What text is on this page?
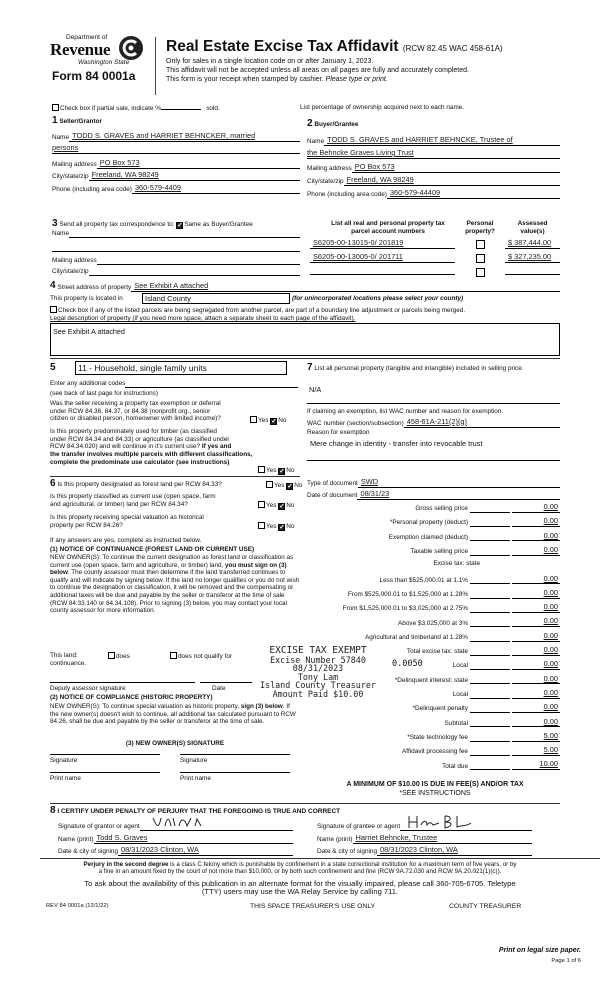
Department of
Revenue
Washington State
Form 84 0001a
Real Estate Excise Tax Affidavit (RCW 82.45 WAC 458-61A)
Only for sales in a single location code on or after January 1, 2023.
This affidavit will not be accepted unless all areas on all pages are fully and accurately completed.
This form is your receipt when stamped by cashier. Please type or print.
Check box if partial sale, indicate %	sold.	List percentage of ownership acquired next to each name.
1 Seller/Grantor
Name TODD S. GRAVES and HARRIET BEHNCKER, married
persons
Mailing address PO Box 573
City/state/zip Freeland, WA 98249
Phone (including area code) 360-579-4409
2 Buyer/Grantee
Name TODD S. GRAVES and HARRIET BEHNCKE, Trustee of
the Behncke Graves Living Trust
Mailing address PO Box 573
City/state/zip Freeland, WA 98249
Phone (including area code) 360-579-44409
3 Send all property tax correspondence to: ✓ Same as Buyer/Grantee
Name
Mailing address
City/state/zip
List all real and personal property tax
parcel account numbers
Personal
property?
Assessed
value(s)
S6205-00-13015-0/ 201819	$ 387,444.00
S6205-00-13005-0/ 201711	$ 327,235.00
4
Street address of property See Exhibit A attached
This property is located in	Island County	(for unincorporated locations please select your county)
Check box if any of the listed parcels are being segregated from another parcel, are part of a boundary line adjustment or parcels being merged.
Legal description of property (if you need more space, attach a separate sheet to each page of the affidavit).
See Exhibit A attached
5	11 - Household, single family units
Enter any additional codes
(see back of last page for instructions)
Was the seller receiving a property tax exemption or deferral
under RCW 84.36, 84.37, or 84.38 (nonprofit org., senior
citizen or disabled person, homeowner with limited income)?	Yes ✓ No
Is this property predominately used for timber (as classified
under RCW 84.34 and 84.33) or agriculture (as classified under
RCW 84.34.020) and will continue in it's current use? If yes and
the transfer involves multiple parcels with different classifications,
complete the predominate use calculator (see instructions)
Yes ✓ No
6 Is this property designated as forest land per RCW 84.33?	Yes ✓ No
Is this property classified as current use (open space, farm
and agricultural, or timber) land per RCW 84.34?	Yes ✓ No
Is this property receiving special valuation as historical
property per RCW 84.26?	Yes ✓ No
If any answers are yes, complete as instructed below.
(1) NOTICE OF CONTINUANCE (FOREST LAND OR CURRENT USE)
NEW OWNER(S): To continue the current designation as forest land or classification as current use (open space, farm and agriculture, or timber) land, you must sign on (3) below. The county assessor must then determine if the land transferred continues to qualify and will indicate by signing below. If the land no longer qualifies or you do not wish to continue the designation or classification, it will be removed and the compensating or additional taxes will be due and payable by the seller or transferor at the time of sale (RCW 84.33.140 or 84.34.108). Prior to signing (3) below, you may contact your local county assessor for more information.
This land:
continuance.
does	does not qualify for
Deputy assessor signature	Date
(2) NOTICE OF COMPLIANCE (HISTORIC PROPERTY)
NEW OWNER(S): To continue special valuation as historic property, sign (3) below. If the new owner(s) doesn't wish to continue, all additional tax calculated pursuant to RCW 84.26, shall be due and payable by the seller or transferor at the time of sale.
(3) NEW OWNER(S) SIGNATURE
Signature	Signature
Print name	Print name
7 List all personal property (tangible and intangible) included in selling price.
N/A
If claiming an exemption, list WAC number and reason for exemption.
WAC number (section/subsection) 458-61A-211(2)(g)
Reason for exemption
Mere change in identity - transfer into revocable trust
Type of document SWD
Date of document 08/31/23
Gross selling price	0.00
*Personal property (deduct)	0.00
Exemption claimed (deduct)	0.00
Taxable selling price	0.00
Excise tax: state
Less than $525,000.01 at 1.1%	0.00
From $525,000.01 to $1,525,000 at 1.28%	0.00
From $1,525,000.01 to $3,025,000 at 2.75%	0.00
Above $3,025,000 at 3%	0.00
Agricultural and timberland at 1.28%	0.00
Total excise tax: state	0.00
Local	0.00
*Delinquent interest: state	0.00
Local	0.00
*Delinquent penalty	0.00
Subtotal	0.00
*State technology fee	5.00
Affidavit processing fee	5.00
Total due	10.00
0.0050
A MINIMUM OF $10.00 IS DUE IN FEE(S) AND/OR TAX
*SEE INSTRUCTIONS
EXCISE TAX EXEMPT
Excise Number 57840
08/31/2023
Tony Lam
Island County Treasurer
Amount Paid $10.00
8 I CERTIFY UNDER PENALTY OF PERJURY THAT THE FOREGOING IS TRUE AND CORRECT
Signature of grantor or agent
Name (print) Todd S. Graves
Date & city of signing 08/31/2023 Clinton, WA
Signature of grantee or agent
Name (print) Harriet Behncke, Trustee
Date & city of signing 08/31/2023 Clinton, WA
Perjury in the second degree is a class C felony which is punishable by confinement in a state correctional institution for a maximum term of five years, or by
a fine in an amount fixed by the court of not more than $10,000, or by both such confinement and fine (RCW 9A.72.030 and RCW 9A.20.021(1)(c)).
To ask about the availability of this publication in an alternate format for the visually impaired, please call 360-705-6705. Teletype
(TTY) users may use the WA Relay Service by calling 711.
REV 84 0001a (12/1/22)	THIS SPACE TREASURER'S USE ONLY	COUNTY TREASURER
Print on legal size paper.
Page 1 of 6
